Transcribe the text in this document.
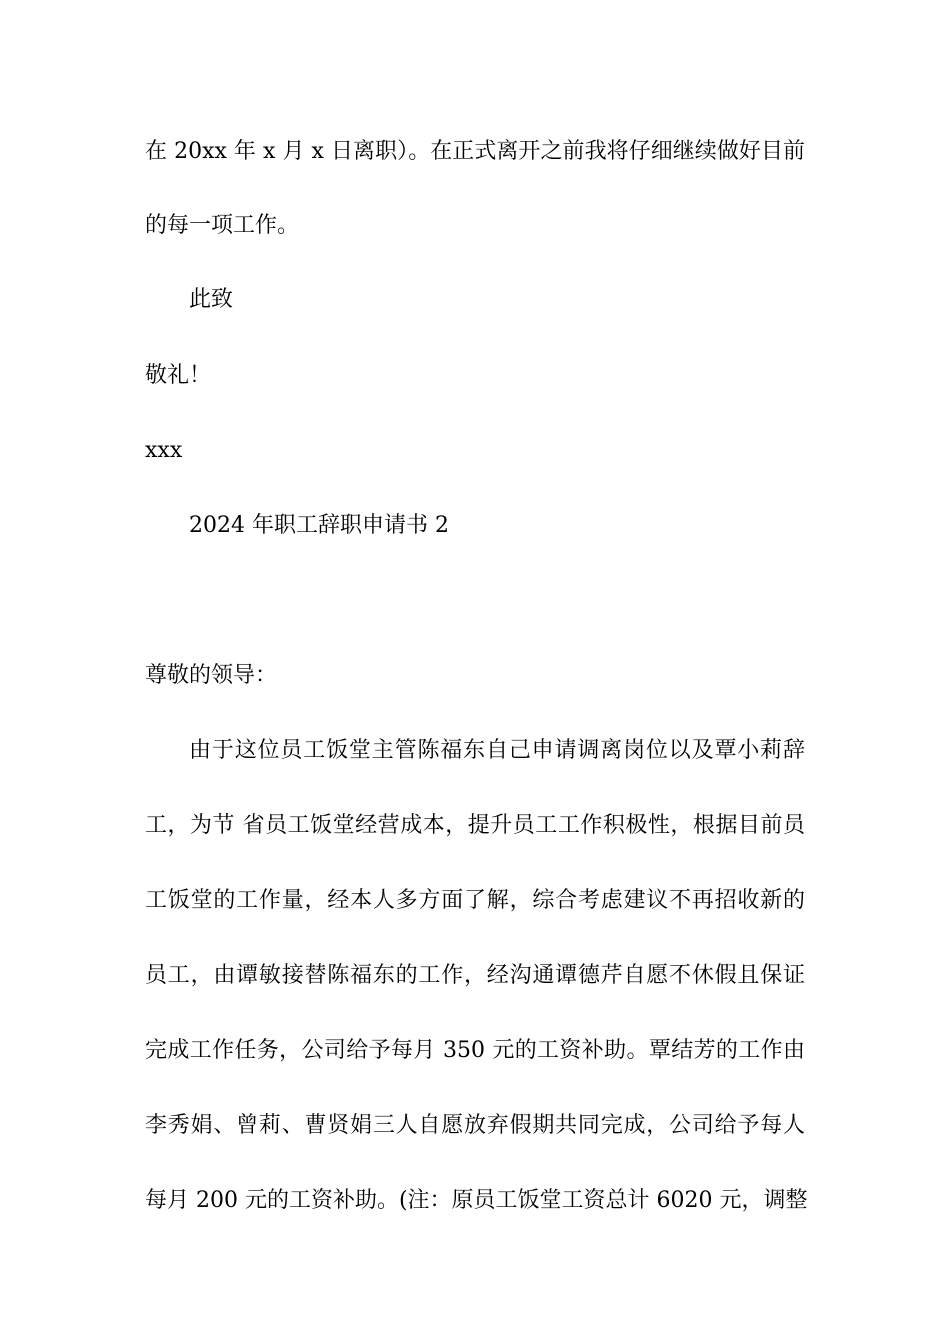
在 20xx 年 x 月 x 日离职）。在正式离开之前我将仔细继续做好目前
的每一项工作。
此致
敬礼！
xxx
2024 年职工辞职申请书 2
尊敬的领导：
由于这位员工饭堂主管陈福东自己申请调离岗位以及覃小莉辞
工，为节 省员工饭堂经营成本，提升员工工作积极性，根据目前员
工饭堂的工作量，经本人多方面了解，综合考虑建议不再招收新的
员工，由谭敏接替陈福东的工作，经沟通谭德芹自愿不休假且保证
完成工作任务，公司给予每月 350 元的工资补助。覃结芳的工作由
李秀娟、曾莉、曹贤娟三人自愿放弃假期共同完成，公司给予每人
每月 200 元的工资补助。(注：原员工饭堂工资总计 6020 元，调整
